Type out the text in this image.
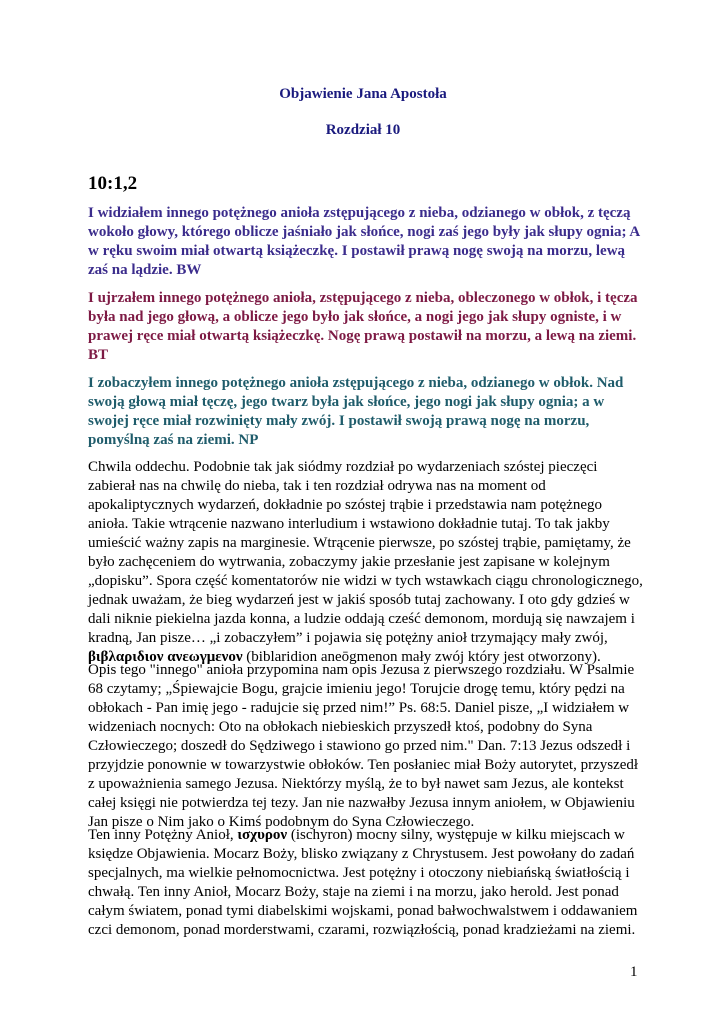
Objawienie Jana Apostoła
Rozdział 10
10:1,2

I widziałem innego potężnego anioła zstępującego z nieba, odzianego w obłok, z tęczą wokoło głowy, którego oblicze jaśniało jak słońce, nogi zaś jego były jak słupy ognia; A w ręku swoim miał otwartą książeczkę. I postawił prawą nogę swoją na morzu, lewą zaś na lądzie. BW

I ujrzałem innego potężnego anioła, zstępującego z nieba, obleczonego w obłok, i tęcza była nad jego głową, a oblicze jego było jak słońce, a nogi jego jak słupy ogniste, i w prawej ręce miał otwartą książeczkę. Nogę prawą postawił na morzu, a lewą na ziemi. BT

I zobaczyłem innego potężnego anioła zstępującego z nieba, odzianego w obłok. Nad swoją głową miał tęczę, jego twarz była jak słońce, jego nogi jak słupy ognia; a w swojej ręce miał rozwinięty mały zwój. I postawił swoją prawą nogę na morzu, pomyślną zaś na ziemi. NP

Chwila oddechu. Podobnie tak jak siódmy rozdział po wydarzeniach szóstej pieczęci zabierał nas na chwilę do nieba, tak i ten rozdział odrywa nas na moment od apokaliptycznych wydarzeń, dokładnie po szóstej trąbie i przedstawia nam potężnego anioła. Takie wtrącenie nazwano interludium i wstawiono dokładnie tutaj. To tak jakby umieścić ważny zapis na marginesie. Wtrącenie pierwsze, po szóstej trąbie, pamiętamy, że było zachęceniem do wytrwania, zobaczymy jakie przesłanie jest zapisane w kolejnym „dopisku”. Spora część komentatorów nie widzi w tych wstawkach ciągu chronologicznego, jednak uważam, że bieg wydarzeń jest w jakiś sposób tutaj zachowany. I oto gdy gdzieś w dali niknie piekielna jazda konna, a ludzie oddają cześć demonom, mordują się nawzajem i kradną, Jan pisze… „i zobaczyłem” i pojawia się potężny anioł trzymający mały zwój, βιβλαριδιον ανεωγμενον (biblaridion aneōgmenon mały zwój który jest otworzony).

Opis tego "innego" anioła przypomina nam opis Jezusa z pierwszego rozdziału. W Psalmie 68 czytamy; „Śpiewajcie Bogu, grajcie imieniu jego! Torujcie drogę temu, który pędzi na obłokach - Pan imię jego - radujcie się przed nim!” Ps. 68:5. Daniel pisze, „I widziałem w widzeniach nocnych: Oto na obłokach niebieskich przyszedł ktoś, podobny do Syna Człowieczego; doszedł do Sędziwego i stawiono go przed nim." Dan. 7:13 Jezus odszedł i przyjdzie ponownie w towarzystwie obłoków. Ten posłaniec miał Boży autorytet, przyszedł z upoważnienia samego Jezusa. Niektórzy myślą, że to był nawet sam Jezus, ale kontekst całej księgi nie potwierdza tej tezy. Jan nie nazwałby Jezusa innym aniołem, w Objawieniu Jan pisze o Nim jako o Kimś podobnym do Syna Człowieczego.

Ten inny Potężny Anioł, ισχυρον (ischyron) mocny silny, występuje w kilku miejscach w księdze Objawienia. Mocarz Boży, blisko związany z Chrystusem. Jest powołany do zadań specjalnych, ma wielkie pełnomocnictwa. Jest potężny i otoczony niebiańską światłością i chwałą. Ten inny Anioł, Mocarz Boży, staje na ziemi i na morzu, jako herold. Jest ponad całym światem, ponad tymi diabelskimi wojskami, ponad bałwochwalstwem i oddawaniem czci demonom, ponad morderstwami, czarami, rozwiązłością, ponad kradzieżami na ziemi.

1
